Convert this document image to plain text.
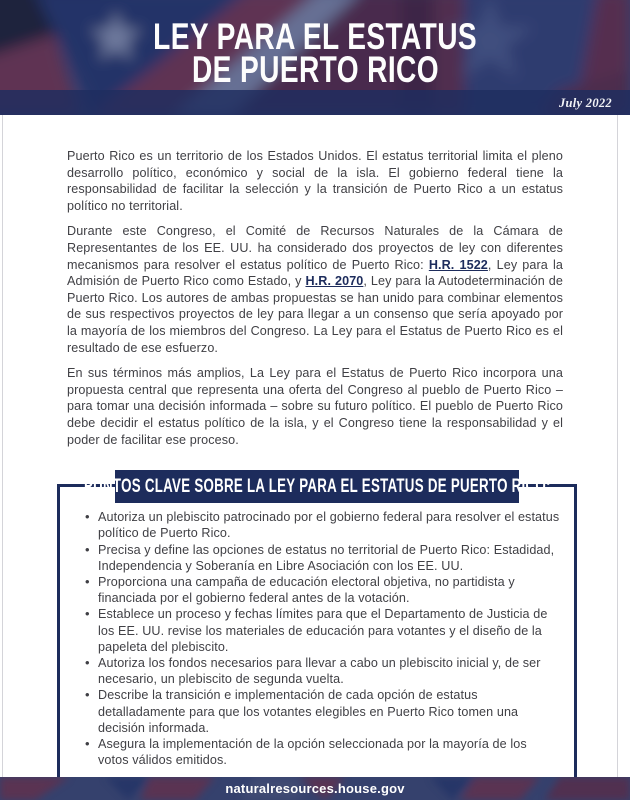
LEY PARA EL ESTATUS
DE PUERTO RICO
July 2022

Puerto Rico es un territorio de los Estados Unidos. El estatus territorial limita el pleno desarrollo político, económico y social de la isla. El gobierno federal tiene la responsabilidad de facilitar la selección y la transición de Puerto Rico a un estatus político no territorial.

Durante este Congreso, el Comité de Recursos Naturales de la Cámara de Representantes de los EE. UU. ha considerado dos proyectos de ley con diferentes mecanismos para resolver el estatus político de Puerto Rico: H.R. 1522, Ley para la Admisión de Puerto Rico como Estado, y H.R. 2070, Ley para la Autodeterminación de Puerto Rico. Los autores de ambas propuestas se han unido para combinar elementos de sus respectivos proyectos de ley para llegar a un consenso que sería apoyado por la mayoría de los miembros del Congreso. La Ley para el Estatus de Puerto Rico es el resultado de ese esfuerzo.

En sus términos más amplios, La Ley para el Estatus de Puerto Rico incorpora una propuesta central que representa una oferta del Congreso al pueblo de Puerto Rico – para tomar una decisión informada – sobre su futuro político. El pueblo de Puerto Rico debe decidir el estatus político de la isla, y el Congreso tiene la responsabilidad y el poder de facilitar ese proceso.

PUNTOS CLAVE SOBRE LA LEY PARA EL ESTATUS DE PUERTO RICO:
• Autoriza un plebiscito patrocinado por el gobierno federal para resolver el estatus político de Puerto Rico.
• Precisa y define las opciones de estatus no territorial de Puerto Rico: Estadidad, Independencia y Soberanía en Libre Asociación con los EE. UU.
• Proporciona una campaña de educación electoral objetiva, no partidista y financiada por el gobierno federal antes de la votación.
• Establece un proceso y fechas límites para que el Departamento de Justicia de los EE. UU. revise los materiales de educación para votantes y el diseño de la papeleta del plebiscito.
• Autoriza los fondos necesarios para llevar a cabo un plebiscito inicial y, de ser necesario, un plebiscito de segunda vuelta.
• Describe la transición e implementación de cada opción de estatus detalladamente para que los votantes elegibles en Puerto Rico tomen una decisión informada.
• Asegura la implementación de la opción seleccionada por la mayoría de los votos válidos emitidos.
naturalresources.house.gov
